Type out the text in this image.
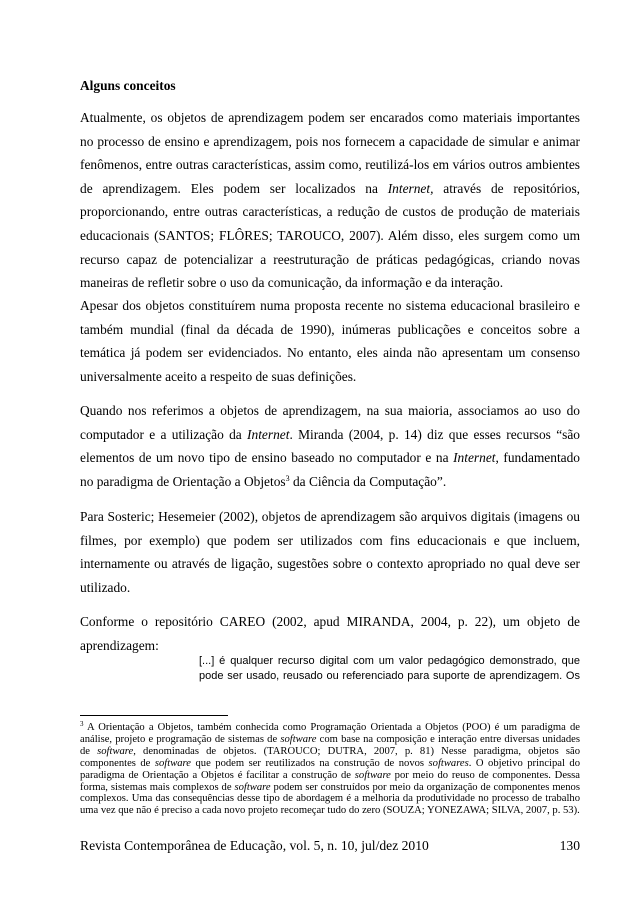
Alguns conceitos
Atualmente, os objetos de aprendizagem podem ser encarados como materiais importantes no processo de ensino e aprendizagem, pois nos fornecem a capacidade de simular e animar fenômenos, entre outras características, assim como, reutilizá-los em vários outros ambientes de aprendizagem. Eles podem ser localizados na Internet, através de repositórios, proporcionando, entre outras características, a redução de custos de produção de materiais educacionais (SANTOS; FLÔRES; TAROUCO, 2007). Além disso, eles surgem como um recurso capaz de potencializar a reestruturação de práticas pedagógicas, criando novas maneiras de refletir sobre o uso da comunicação, da informação e da interação.
Apesar dos objetos constituírem numa proposta recente no sistema educacional brasileiro e também mundial (final da década de 1990), inúmeras publicações e conceitos sobre a temática já podem ser evidenciados. No entanto, eles ainda não apresentam um consenso universalmente aceito a respeito de suas definições.
Quando nos referimos a objetos de aprendizagem, na sua maioria, associamos ao uso do computador e a utilização da Internet. Miranda (2004, p. 14) diz que esses recursos “são elementos de um novo tipo de ensino baseado no computador e na Internet, fundamentado no paradigma de Orientação a Objetos$^3$ da Ciência da Computação”.
Para Sosteric; Hesemeier (2002), objetos de aprendizagem são arquivos digitais (imagens ou filmes, por exemplo) que podem ser utilizados com fins educacionais e que incluem, internamente ou através de ligação, sugestões sobre o contexto apropriado no qual deve ser utilizado.
Conforme o repositório CAREO (2002, apud MIRANDA, 2004, p. 22), um objeto de aprendizagem:
[...] é qualquer recurso digital com um valor pedagógico demonstrado, que pode ser usado, reusado ou referenciado para suporte de aprendizagem. Os
$^3$ A Orientação a Objetos, também conhecida como Programação Orientada a Objetos (POO) é um paradigma de análise, projeto e programação de sistemas de software com base na composição e interação entre diversas unidades de software, denominadas de objetos. (TAROUCO; DUTRA, 2007, p. 81) Nesse paradigma, objetos são componentes de software que podem ser reutilizados na construção de novos softwares. O objetivo principal do paradigma de Orientação a Objetos é facilitar a construção de software por meio do reuso de componentes. Dessa forma, sistemas mais complexos de software podem ser construídos por meio da organização de componentes menos complexos. Uma das consequências desse tipo de abordagem é a melhoria da produtividade no processo de trabalho uma vez que não é preciso a cada novo projeto recomeçar tudo do zero (SOUZA; YONEZAWA; SILVA, 2007, p. 53).
Revista Contemporânea de Educação, vol. 5, n. 10, jul/dez 2010	130
